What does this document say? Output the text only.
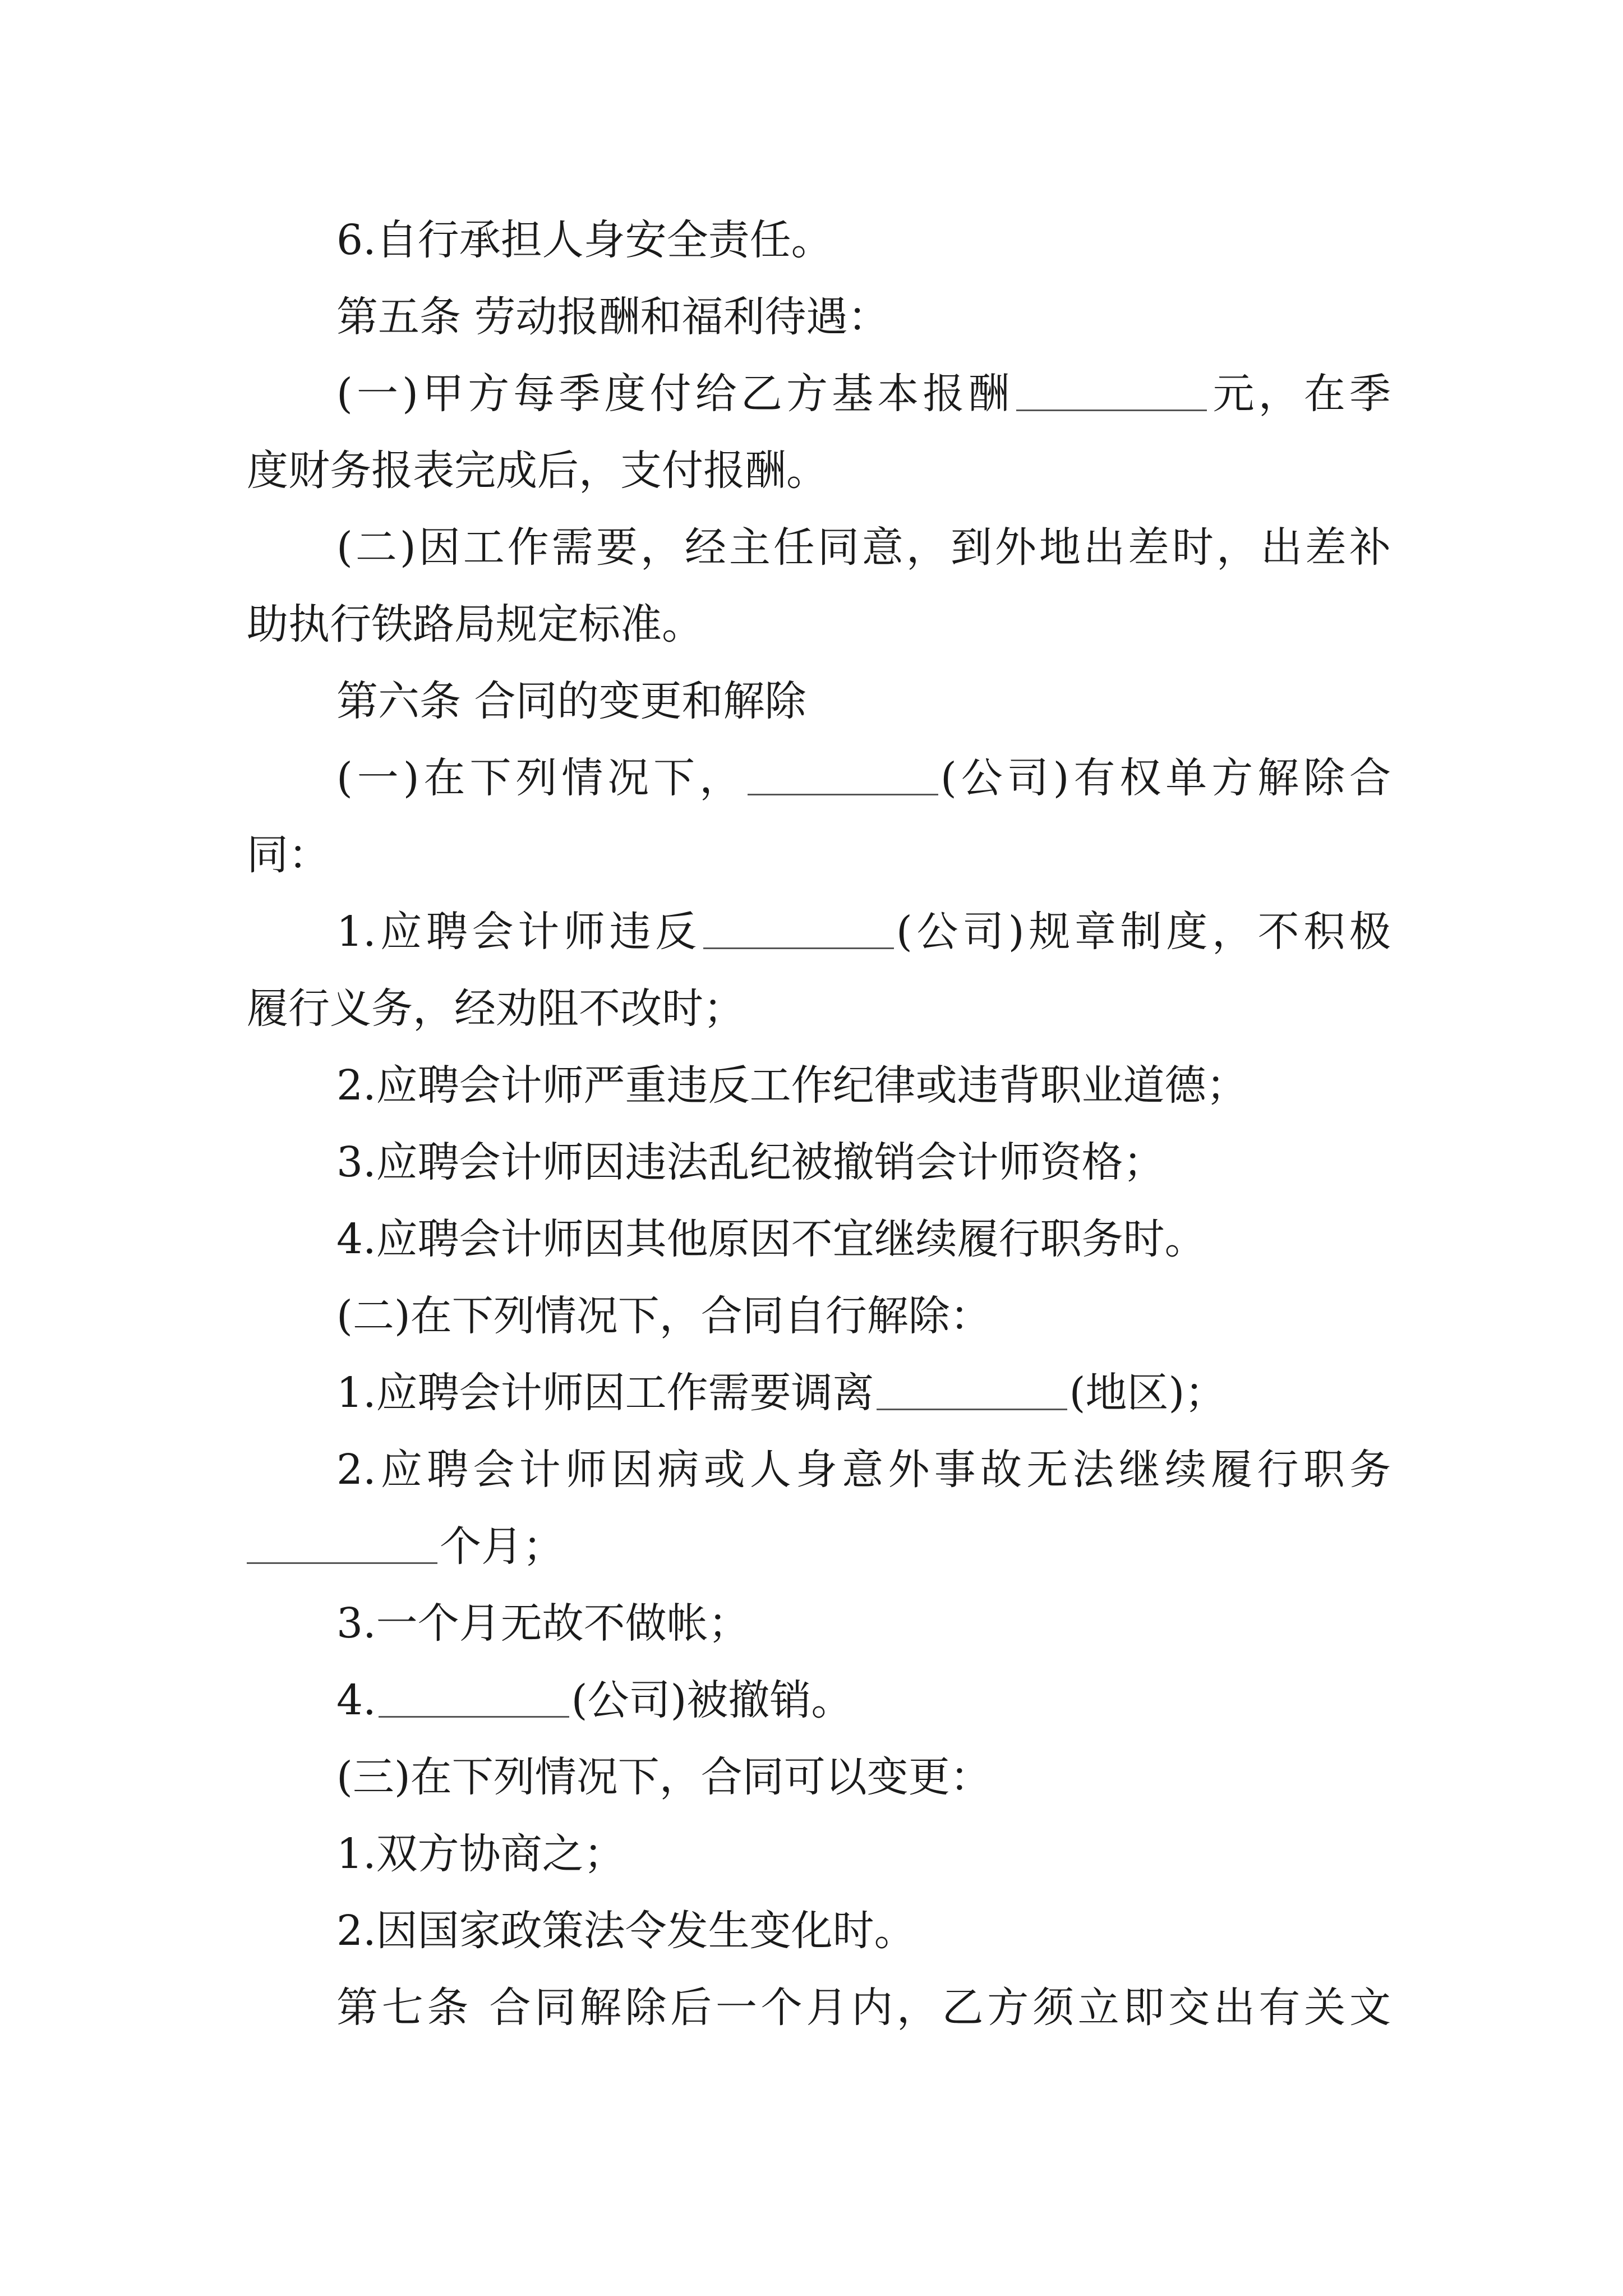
6.自行承担人身安全责任。
第五条 劳动报酬和福利待遇：
(一)甲方每季度付给乙方基本报酬	元，在季
度财务报表完成后，支付报酬。
(二)因工作需要，经主任同意，到外地出差时，出差补
助执行铁路局规定标准。
第六条 合同的变更和解除
(一)在下列情况下，	(公司)有权单方解除合
同：
1.应聘会计师违反	(公司)规章制度，不积极
履行义务，经劝阻不改时；
2.应聘会计师严重违反工作纪律或违背职业道德；
3.应聘会计师因违法乱纪被撤销会计师资格；
4.应聘会计师因其他原因不宜继续履行职务时。
(二)在下列情况下，合同自行解除：
1.应聘会计师因工作需要调离	(地区)；
2.应聘会计师因病或人身意外事故无法继续履行职务
个月；
3.一个月无故不做帐；
4.	(公司)被撤销。
(三)在下列情况下，合同可以变更：
1.双方协商之；
2.因国家政策法令发生变化时。
第七条 合同解除后一个月内，乙方须立即交出有关文
